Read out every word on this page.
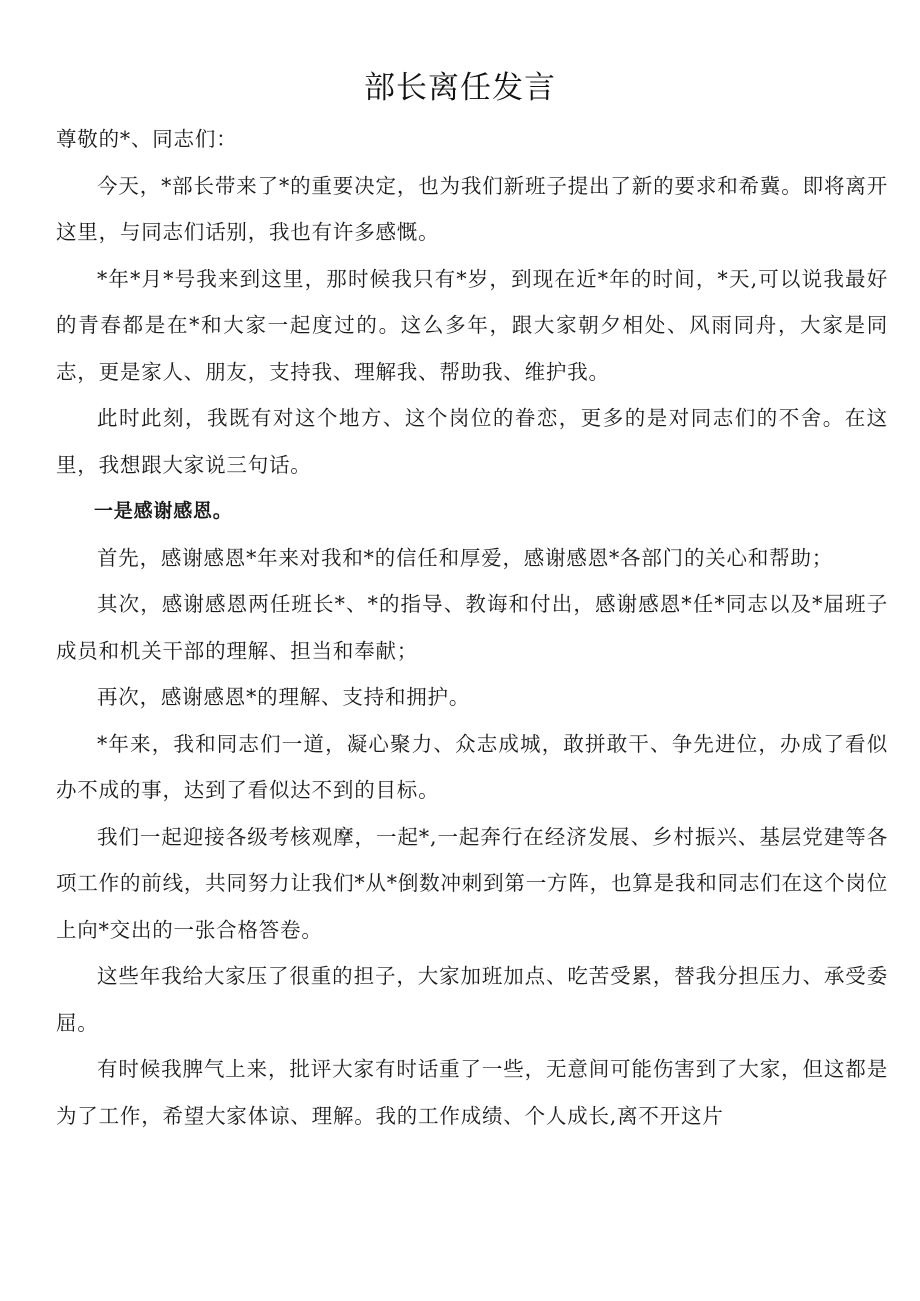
部长离任发言

尊敬的*、同志们：

今天，*部长带来了*的重要决定，也为我们新班子提出了新的要求和希冀。即将离开这里，与同志们话别，我也有许多感慨。

*年*月*号我来到这里，那时候我只有*岁，到现在近*年的时间，*天,可以说我最好的青春都是在*和大家一起度过的。这么多年，跟大家朝夕相处、风雨同舟，大家是同志，更是家人、朋友，支持我、理解我、帮助我、维护我。

此时此刻，我既有对这个地方、这个岗位的眷恋，更多的是对同志们的不舍。在这里，我想跟大家说三句话。

一是感谢感恩。

首先，感谢感恩*年来对我和*的信任和厚爱，感谢感恩*各部门的关心和帮助；

其次，感谢感恩两任班长*、*的指导、教诲和付出，感谢感恩*任*同志以及*届班子成员和机关干部的理解、担当和奉献；

再次，感谢感恩*的理解、支持和拥护。

*年来，我和同志们一道，凝心聚力、众志成城，敢拼敢干、争先进位，办成了看似办不成的事，达到了看似达不到的目标。

我们一起迎接各级考核观摩，一起*,一起奔行在经济发展、乡村振兴、基层党建等各项工作的前线，共同努力让我们*从*倒数冲刺到第一方阵，也算是我和同志们在这个岗位上向*交出的一张合格答卷。

这些年我给大家压了很重的担子，大家加班加点、吃苦受累，替我分担压力、承受委屈。

有时候我脾气上来，批评大家有时话重了一些，无意间可能伤害到了大家，但这都是为了工作，希望大家体谅、理解。我的工作成绩、个人成长,离不开这片
